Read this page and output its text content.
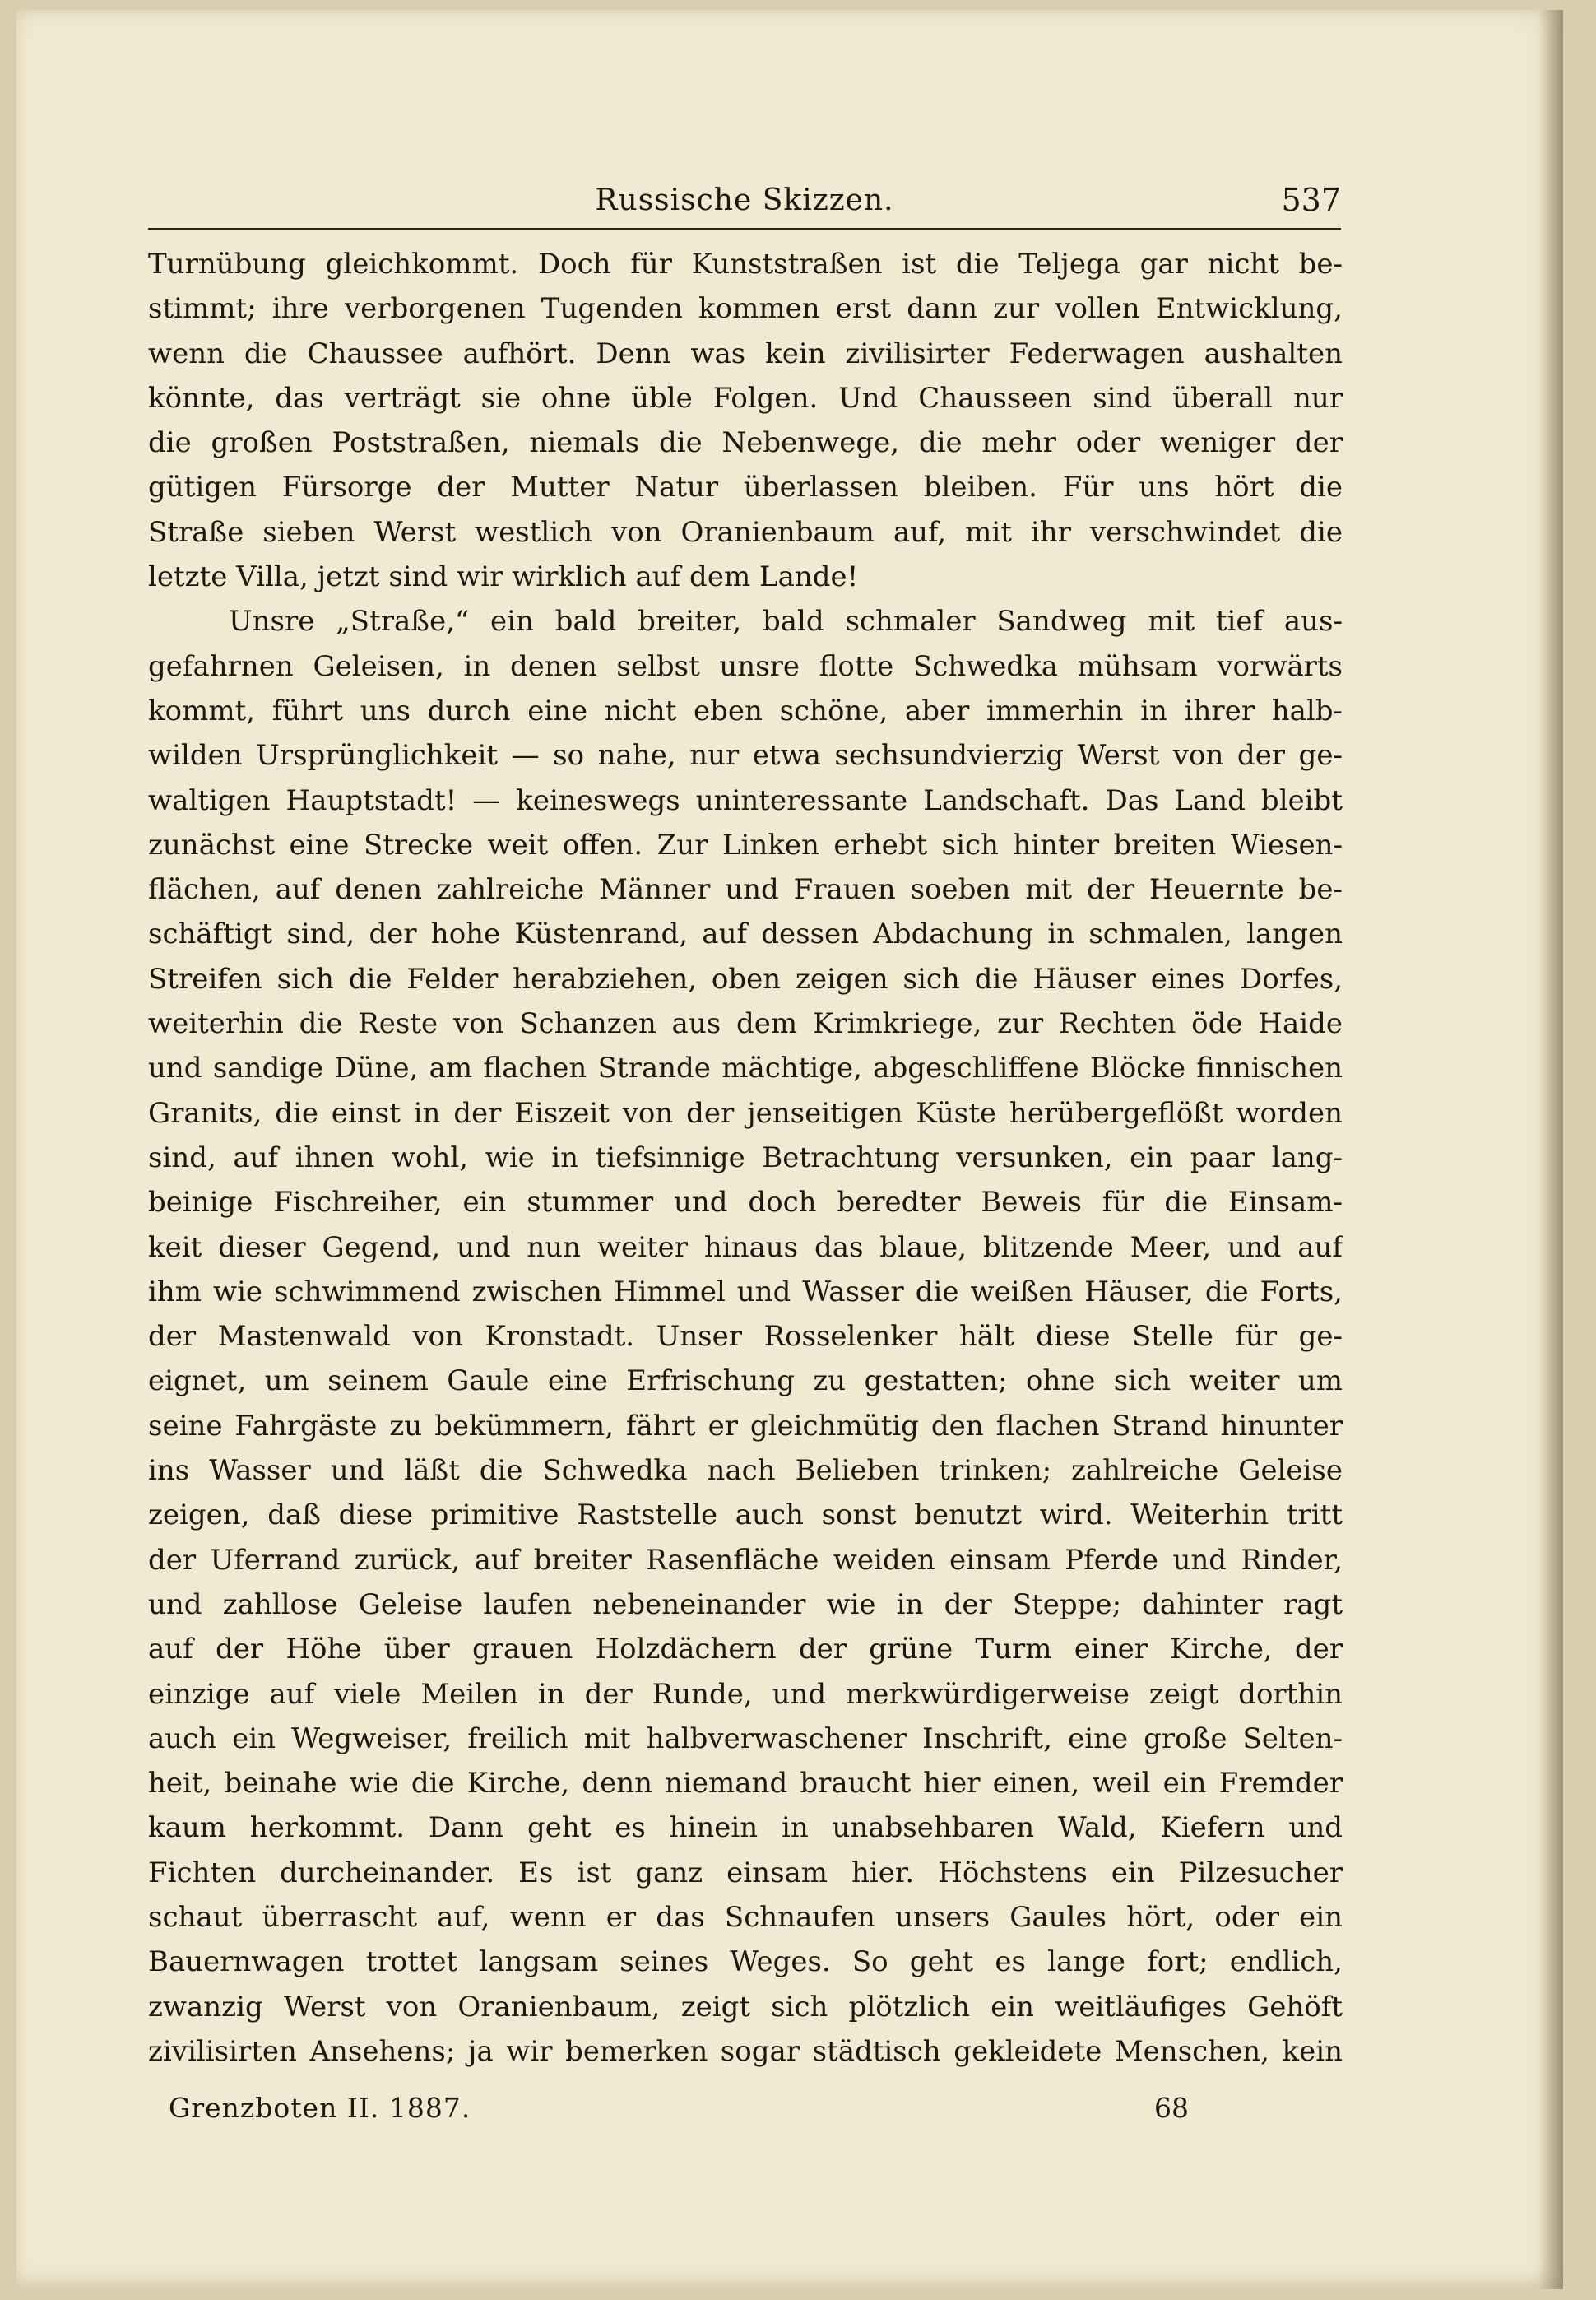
Russische Skizzen.	537
Turnübung gleichkommt. Doch für Kunststraßen ist die Teljega gar nicht be-
stimmt; ihre verborgenen Tugenden kommen erst dann zur vollen Entwicklung,
wenn die Chaussee aufhört. Denn was kein zivilisirter Federwagen aushalten
könnte, das verträgt sie ohne üble Folgen. Und Chausseen sind überall nur
die großen Poststraßen, niemals die Nebenwege, die mehr oder weniger der
gütigen Fürsorge der Mutter Natur überlassen bleiben. Für uns hört die
Straße sieben Werst westlich von Oranienbaum auf, mit ihr verschwindet die
letzte Villa, jetzt sind wir wirklich auf dem Lande!
Unsre „Straße,“ ein bald breiter, bald schmaler Sandweg mit tief aus-
gefahrnen Geleisen, in denen selbst unsre flotte Schwedka mühsam vorwärts
kommt, führt uns durch eine nicht eben schöne, aber immerhin in ihrer halb-
wilden Ursprünglichkeit — so nahe, nur etwa sechsundvierzig Werst von der ge-
waltigen Hauptstadt! — keineswegs uninteressante Landschaft. Das Land bleibt
zunächst eine Strecke weit offen. Zur Linken erhebt sich hinter breiten Wiesen-
flächen, auf denen zahlreiche Männer und Frauen soeben mit der Heuernte be-
schäftigt sind, der hohe Küstenrand, auf dessen Abdachung in schmalen, langen
Streifen sich die Felder herabziehen, oben zeigen sich die Häuser eines Dorfes,
weiterhin die Reste von Schanzen aus dem Krimkriege, zur Rechten öde Haide
und sandige Düne, am flachen Strande mächtige, abgeschliffene Blöcke finnischen
Granits, die einst in der Eiszeit von der jenseitigen Küste herübergeflößt worden
sind, auf ihnen wohl, wie in tiefsinnige Betrachtung versunken, ein paar lang-
beinige Fischreiher, ein stummer und doch beredter Beweis für die Einsam-
keit dieser Gegend, und nun weiter hinaus das blaue, blitzende Meer, und auf
ihm wie schwimmend zwischen Himmel und Wasser die weißen Häuser, die Forts,
der Mastenwald von Kronstadt. Unser Rosselenker hält diese Stelle für ge-
eignet, um seinem Gaule eine Erfrischung zu gestatten; ohne sich weiter um
seine Fahrgäste zu bekümmern, fährt er gleichmütig den flachen Strand hinunter
ins Wasser und läßt die Schwedka nach Belieben trinken; zahlreiche Geleise
zeigen, daß diese primitive Raststelle auch sonst benutzt wird. Weiterhin tritt
der Uferrand zurück, auf breiter Rasenfläche weiden einsam Pferde und Rinder,
und zahllose Geleise laufen nebeneinander wie in der Steppe; dahinter ragt
auf der Höhe über grauen Holzdächern der grüne Turm einer Kirche, der
einzige auf viele Meilen in der Runde, und merkwürdigerweise zeigt dorthin
auch ein Wegweiser, freilich mit halbverwaschener Inschrift, eine große Selten-
heit, beinahe wie die Kirche, denn niemand braucht hier einen, weil ein Fremder
kaum herkommt. Dann geht es hinein in unabsehbaren Wald, Kiefern und
Fichten durcheinander. Es ist ganz einsam hier. Höchstens ein Pilzesucher
schaut überrascht auf, wenn er das Schnaufen unsers Gaules hört, oder ein
Bauernwagen trottet langsam seines Weges. So geht es lange fort; endlich,
zwanzig Werst von Oranienbaum, zeigt sich plötzlich ein weitläufiges Gehöft
zivilisirten Ansehens; ja wir bemerken sogar städtisch gekleidete Menschen, kein
Grenzboten II. 1887.	68
